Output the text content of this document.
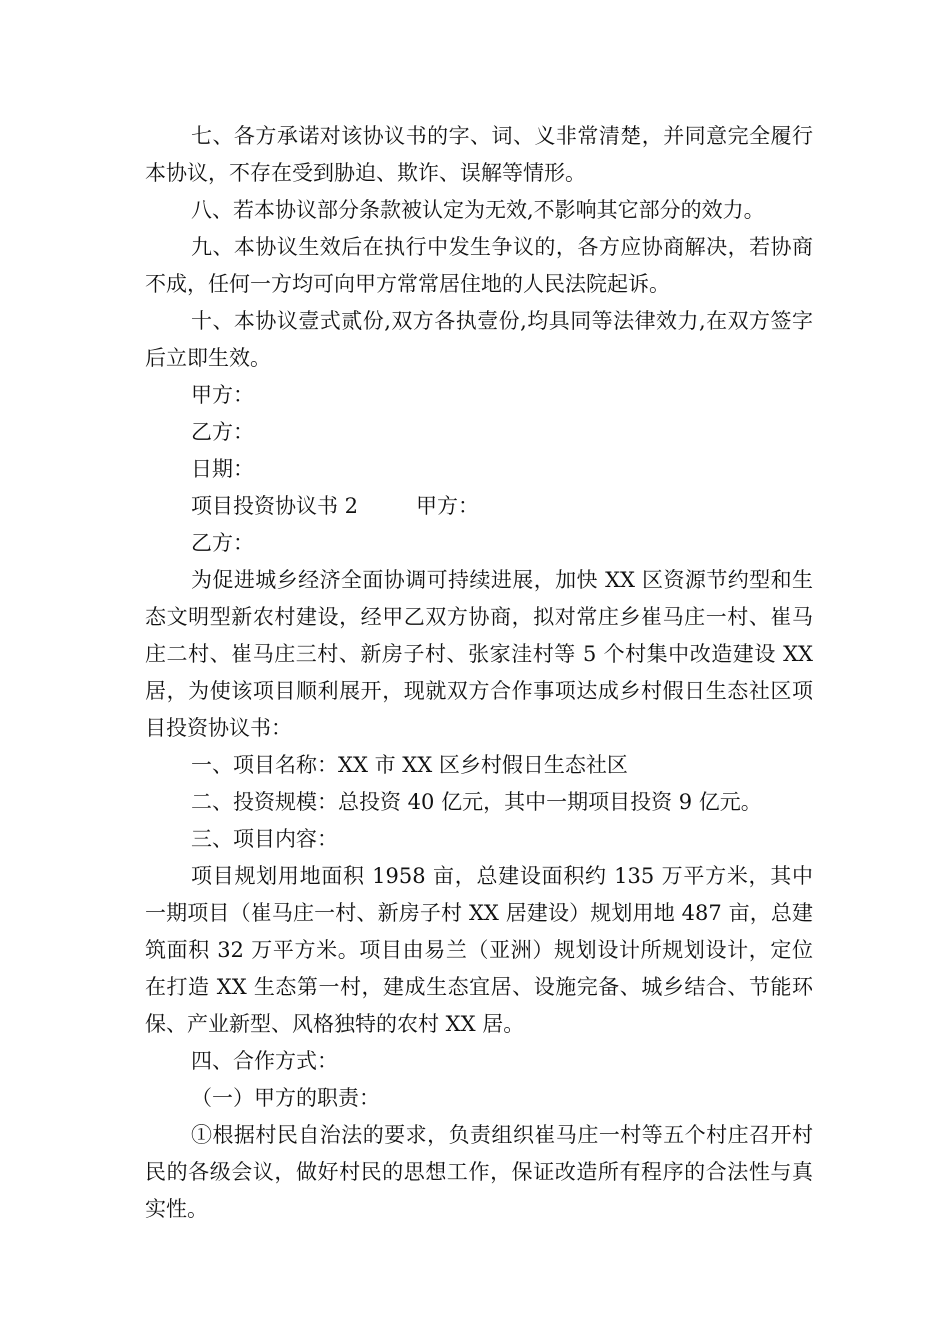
七、各方承诺对该协议书的字、词、义非常清楚，并同意完全履行本协议，不存在受到胁迫、欺诈、误解等情形。

八、若本协议部分条款被认定为无效,不影响其它部分的效力。

九、本协议生效后在执行中发生争议的，各方应协商解决，若协商不成，任何一方均可向甲方常常居住地的人民法院起诉。

十、本协议壹式贰份,双方各执壹份,均具同等法律效力,在双方签字后立即生效。

甲方：

乙方：

日期：

项目投资协议书 2	甲方：

乙方：

为促进城乡经济全面协调可持续进展，加快 XX 区资源节约型和生态文明型新农村建设，经甲乙双方协商，拟对常庄乡崔马庄一村、崔马庄二村、崔马庄三村、新房子村、张家洼村等 5 个村集中改造建设 XX 居，为使该项目顺利展开，现就双方合作事项达成乡村假日生态社区项目投资协议书：

一、项目名称：XX 市 XX 区乡村假日生态社区

二、投资规模：总投资 40 亿元，其中一期项目投资 9 亿元。

三、项目内容：

项目规划用地面积 1958 亩，总建设面积约 135 万平方米，其中一期项目（崔马庄一村、新房子村 XX 居建设）规划用地 487 亩，总建筑面积 32 万平方米。项目由易兰（亚洲）规划设计所规划设计，定位在打造 XX 生态第一村，建成生态宜居、设施完备、城乡结合、节能环保、产业新型、风格独特的农村 XX 居。

四、合作方式：

（一）甲方的职责：

①根据村民自治法的要求，负责组织崔马庄一村等五个村庄召开村民的各级会议，做好村民的思想工作，保证改造所有程序的合法性与真实性。
